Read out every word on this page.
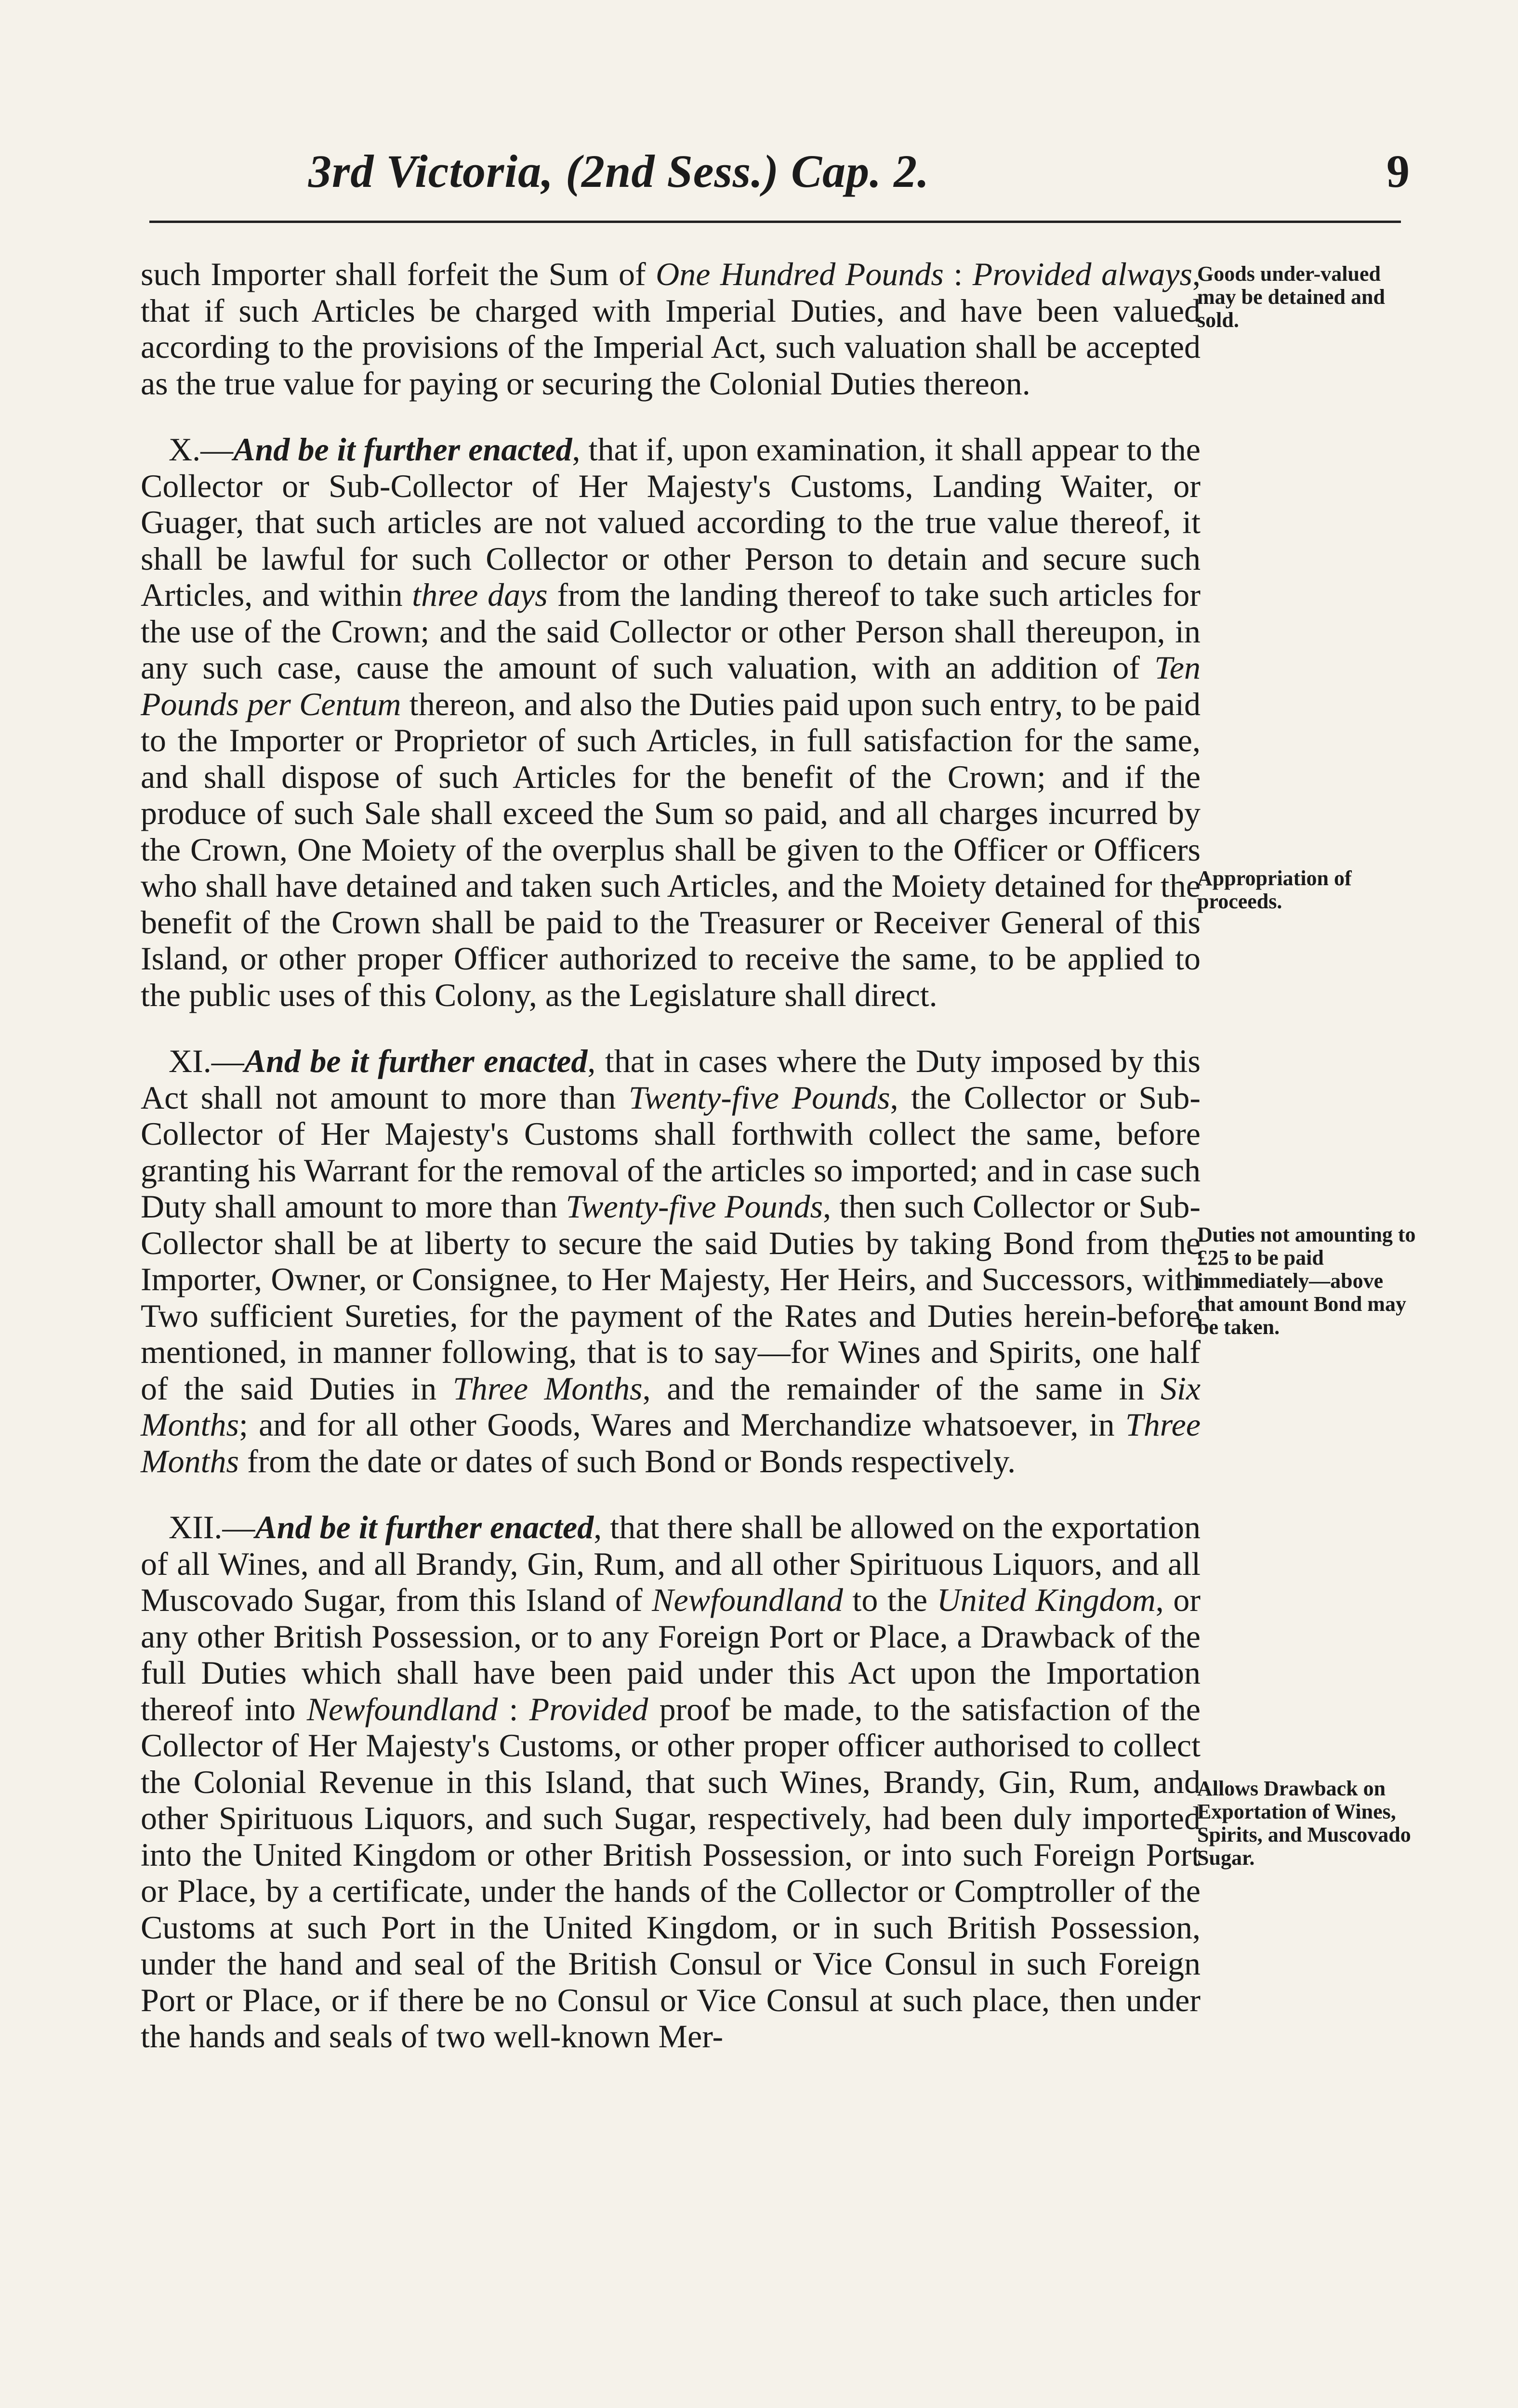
3rd Victoria, (2nd Sess.) Cap. 2.	9

such Importer shall forfeit the Sum of One Hundred Pounds : Provided always, that if such Articles be charged with Imperial Duties, and have been valued according to the provisions of the Imperial Act, such valuation shall be accepted as the true value for paying or securing the Colonial Duties thereon.

X.—And be it further enacted, that if, upon examination, it shall appear to the Collector or Sub-Collector of Her Majesty's Customs, Landing Waiter, or Guager, that such articles are not valued according to the true value thereof, it shall be lawful for such Collector or other Person to detain and secure such Articles, and within three days from the landing thereof to take such articles for the use of the Crown; and the said Collector or other Person shall thereupon, in any such case, cause the amount of such valuation, with an addition of Ten Pounds per Centum thereon, and also the Duties paid upon such entry, to be paid to the Importer or Proprietor of such Articles, in full satisfaction for the same, and shall dispose of such Articles for the benefit of the Crown; and if the produce of such Sale shall exceed the Sum so paid, and all charges incurred by the Crown, One Moiety of the overplus shall be given to the Officer or Officers who shall have detained and taken such Articles, and the Moiety detained for the benefit of the Crown shall be paid to the Treasurer or Receiver General of this Island, or other proper Officer authorized to receive the same, to be applied to the public uses of this Colony, as the Legislature shall direct.

XI.—And be it further enacted, that in cases where the Duty imposed by this Act shall not amount to more than Twenty-five Pounds, the Collector or Sub-Collector of Her Majesty's Customs shall forthwith collect the same, before granting his Warrant for the removal of the articles so imported; and in case such Duty shall amount to more than Twenty-five Pounds, then such Collector or Sub-Collector shall be at liberty to secure the said Duties by taking Bond from the Importer, Owner, or Consignee, to Her Majesty, Her Heirs, and Successors, with Two sufficient Sureties, for the payment of the Rates and Duties herein-before mentioned, in manner following, that is to say—for Wines and Spirits, one half of the said Duties in Three Months, and the remainder of the same in Six Months; and for all other Goods, Wares and Merchandize whatsoever, in Three Months from the date or dates of such Bond or Bonds respectively.

XII.—And be it further enacted, that there shall be allowed on the exportation of all Wines, and all Brandy, Gin, Rum, and all other Spirituous Liquors, and all Muscovado Sugar, from this Island of Newfoundland to the United Kingdom, or any other British Possession, or to any Foreign Port or Place, a Drawback of the full Duties which shall have been paid under this Act upon the Importation thereof into Newfoundland : Provided proof be made, to the satisfaction of the Collector of Her Majesty's Customs, or other proper officer authorised to collect the Colonial Revenue in this Island, that such Wines, Brandy, Gin, Rum, and other Spirituous Liquors, and such Sugar, respectively, had been duly imported into the United Kingdom or other British Possession, or into such Foreign Port or Place, by a certificate, under the hands of the Collector or Comptroller of the Customs at such Port in the United Kingdom, or in such British Possession, under the hand and seal of the British Consul or Vice Consul in such Foreign Port or Place, or if there be no Consul or Vice Consul at such place, then under the hands and seals of two well-known Mer-

Goods under-valued may be detained and sold.
Appropriation of proceeds.
Duties not amounting to £25 to be paid immediately—above that amount Bond may be taken.
Allows Drawback on Exportation of Wines, Spirits, and Muscovado Sugar.
